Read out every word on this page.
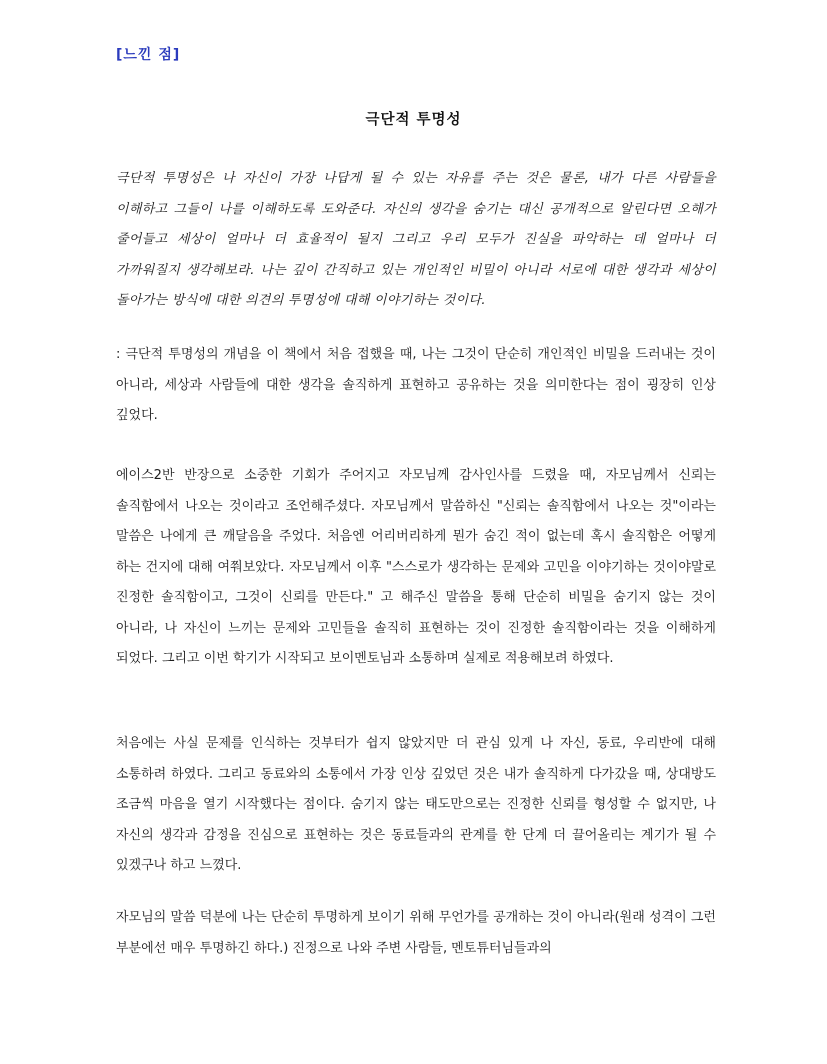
[느낀 점]
극단적 투명성

극단적 투명성은 나 자신이 가장 나답게 될 수 있는 자유를 주는 것은 물론, 내가 다른 사람들을 이해하고 그들이 나를 이해하도록 도와준다. 자신의 생각을 숨기는 대신 공개적으로 알린다면 오해가 줄어들고 세상이 얼마나 더 효율적이 될지 그리고 우리 모두가 진실을 파악하는 데 얼마나 더 가까워질지 생각해보라. 나는 깊이 간직하고 있는 개인적인 비밀이 아니라 서로에 대한 생각과 세상이 돌아가는 방식에 대한 의견의 투명성에 대해 이야기하는 것이다.

: 극단적 투명성의 개념을 이 책에서 처음 접했을 때, 나는 그것이 단순히 개인적인 비밀을 드러내는 것이 아니라, 세상과 사람들에 대한 생각을 솔직하게 표현하고 공유하는 것을 의미한다는 점이 굉장히 인상 깊었다.

에이스2반 반장으로 소중한 기회가 주어지고 자모님께 감사인사를 드렸을 때, 자모님께서 신뢰는 솔직함에서 나오는 것이라고 조언해주셨다. 자모님께서 말씀하신 "신뢰는 솔직함에서 나오는 것"이라는 말씀은 나에게 큰 깨달음을 주었다. 처음엔 어리버리하게 뭔가 숨긴 적이 없는데 혹시 솔직함은 어떻게 하는 건지에 대해 여쭤보았다. 자모님께서 이후 "스스로가 생각하는 문제와 고민을 이야기하는 것이야말로 진정한 솔직함이고, 그것이 신뢰를 만든다." 고 해주신 말씀을 통해 단순히 비밀을 숨기지 않는 것이 아니라, 나 자신이 느끼는 문제와 고민들을 솔직히 표현하는 것이 진정한 솔직함이라는 것을 이해하게 되었다. 그리고 이번 학기가 시작되고 보이멘토님과 소통하며 실제로 적용해보려 하였다.

처음에는 사실 문제를 인식하는 것부터가 쉽지 않았지만 더 관심 있게 나 자신, 동료, 우리반에 대해 소통하려 하였다. 그리고 동료와의 소통에서 가장 인상 깊었던 것은 내가 솔직하게 다가갔을 때, 상대방도 조금씩 마음을 열기 시작했다는 점이다. 숨기지 않는 태도만으로는 진정한 신뢰를 형성할 수 없지만, 나 자신의 생각과 감정을 진심으로 표현하는 것은 동료들과의 관계를 한 단계 더 끌어올리는 계기가 될 수 있겠구나 하고 느꼈다.

자모님의 말씀 덕분에 나는 단순히 투명하게 보이기 위해 무언가를 공개하는 것이 아니라(원래 성격이 그런 부분에선 매우 투명하긴 하다.) 진정으로 나와 주변 사람들, 멘토튜터님들과의
